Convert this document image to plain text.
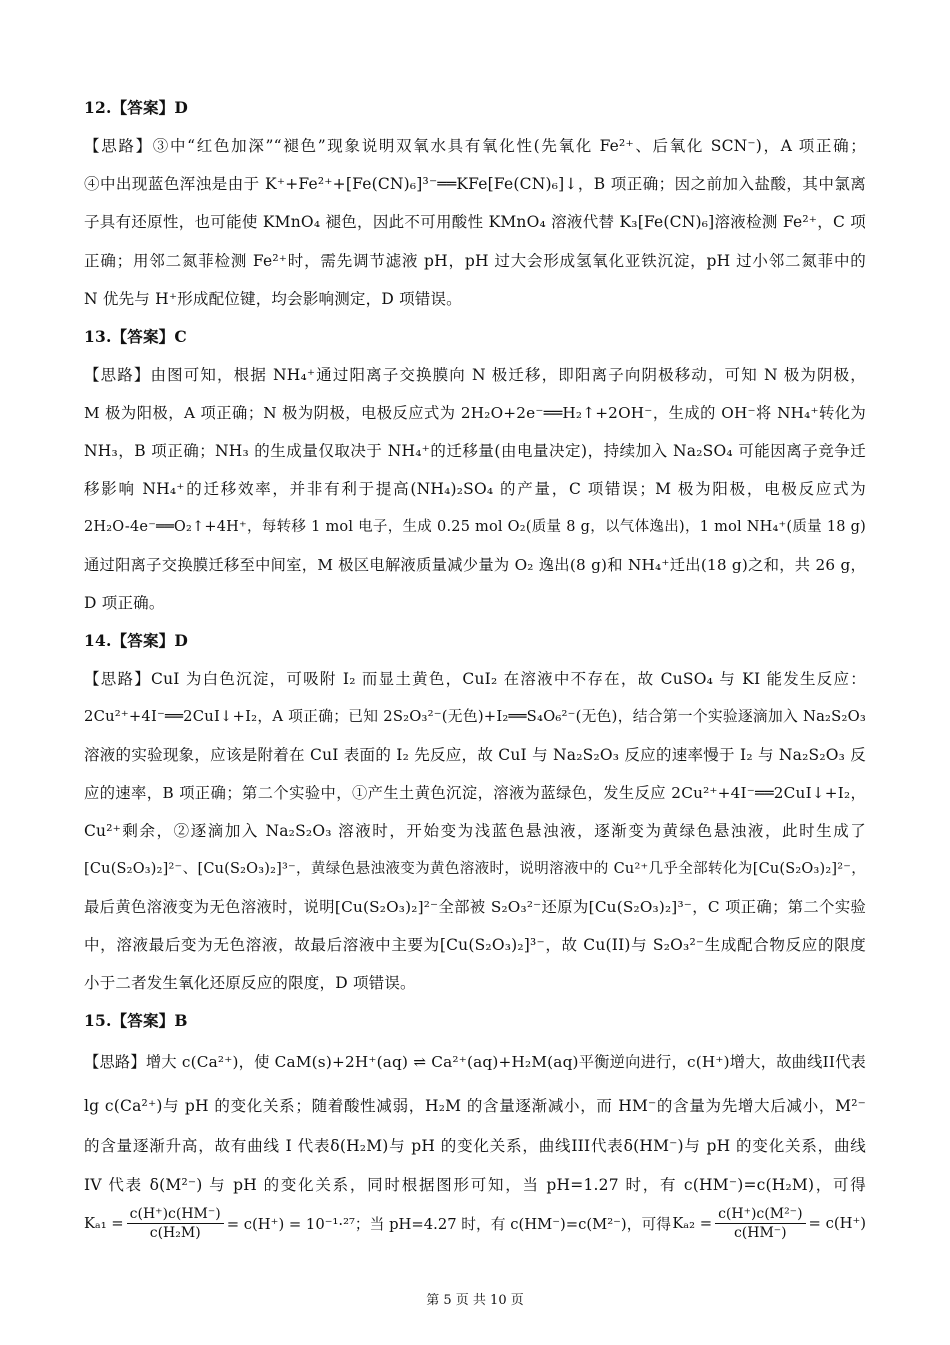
12.【答案】D
【思路】③中“红色加深”“褪色”现象说明双氧水具有氧化性(先氧化 Fe²⁺、后氧化 SCN⁻)，A 项正确；
④中出现蓝色浑浊是由于 K⁺+Fe²⁺+[Fe(CN)₆]³⁻══KFe[Fe(CN)₆]↓，B 项正确；因之前加入盐酸，其中氯离
子具有还原性，也可能使 KMnO₄ 褪色，因此不可用酸性 KMnO₄ 溶液代替 K₃[Fe(CN)₆]溶液检测 Fe²⁺，C 项
正确；用邻二氮菲检测 Fe²⁺时，需先调节滤液 pH，pH 过大会形成氢氧化亚铁沉淀，pH 过小邻二氮菲中的
N 优先与 H⁺形成配位键，均会影响测定，D 项错误。
13.【答案】C
【思路】由图可知，根据 NH₄⁺通过阳离子交换膜向 N 极迁移，即阳离子向阴极移动，可知 N 极为阴极，
M 极为阳极，A 项正确；N 极为阴极，电极反应式为 2H₂O+2e⁻══H₂↑+2OH⁻，生成的 OH⁻将 NH₄⁺转化为
NH₃，B 项正确；NH₃ 的生成量仅取决于 NH₄⁺的迁移量(由电量决定)，持续加入 Na₂SO₄ 可能因离子竞争迁
移影响 NH₄⁺的迁移效率，并非有利于提高(NH₄)₂SO₄ 的产量，C 项错误；M 极为阳极，电极反应式为
2H₂O-4e⁻══O₂↑+4H⁺，每转移 1 mol 电子，生成 0.25 mol O₂(质量 8 g，以气体逸出)，1 mol NH₄⁺(质量 18 g)
通过阳离子交换膜迁移至中间室，M 极区电解液质量减少量为 O₂ 逸出(8 g)和 NH₄⁺迁出(18 g)之和，共 26 g，
D 项正确。
14.【答案】D
【思路】CuI 为白色沉淀，可吸附 I₂ 而显土黄色，CuI₂ 在溶液中不存在，故 CuSO₄ 与 KI 能发生反应：
2Cu²⁺+4I⁻══2CuI↓+I₂，A 项正确；已知 2S₂O₃²⁻(无色)+I₂══S₄O₆²⁻(无色)，结合第一个实验逐滴加入 Na₂S₂O₃
溶液的实验现象，应该是附着在 CuI 表面的 I₂ 先反应，故 CuI 与 Na₂S₂O₃ 反应的速率慢于 I₂ 与 Na₂S₂O₃ 反
应的速率，B 项正确；第二个实验中，①产生土黄色沉淀，溶液为蓝绿色，发生反应 2Cu²⁺+4I⁻══2CuI↓+I₂，
Cu²⁺剩余，②逐滴加入 Na₂S₂O₃ 溶液时，开始变为浅蓝色悬浊液，逐渐变为黄绿色悬浊液，此时生成了
[Cu(S₂O₃)₂]²⁻、[Cu(S₂O₃)₂]³⁻，黄绿色悬浊液变为黄色溶液时，说明溶液中的 Cu²⁺几乎全部转化为[Cu(S₂O₃)₂]²⁻，
最后黄色溶液变为无色溶液时，说明[Cu(S₂O₃)₂]²⁻全部被 S₂O₃²⁻还原为[Cu(S₂O₃)₂]³⁻，C 项正确；第二个实验
中，溶液最后变为无色溶液，故最后溶液中主要为[Cu(S₂O₃)₂]³⁻，故 Cu(II)与 S₂O₃²⁻生成配合物反应的限度
小于二者发生氧化还原反应的限度，D 项错误。
15.【答案】B
【思路】增大 c(Ca²⁺)，使 CaM(s)+2H⁺(aq) ⇌ Ca²⁺(aq)+H₂M(aq)平衡逆向进行，c(H⁺)增大，故曲线II代表
lg c(Ca²⁺)与 pH 的变化关系；随着酸性减弱，H₂M 的含量逐渐减小，而 HM⁻的含量为先增大后减小，M²⁻
的含量逐渐升高，故有曲线 I 代表δ(H₂M)与 pH 的变化关系，曲线III代表δ(HM⁻)与 pH 的变化关系，曲线
IV 代表 δ(M²⁻) 与 pH 的变化关系，同时根据图形可知，当 pH=1.27 时，有 c(HM⁻)=c(H₂M)，可得
$K_{a1} = \frac{c(H^+)c(HM^-)}{\text{c(H₂M)}} = c(H^+) = 10^{-1}\cdot^{27}$；当 pH=4.27 时，有 c(HM⁻)=c(M²⁻)，可得 $K_{a2} = \frac{\text{c(H⁺)c(M²⁻)}}{c(HM^-)} = c(H^+)$
第 5 页 共 10 页
